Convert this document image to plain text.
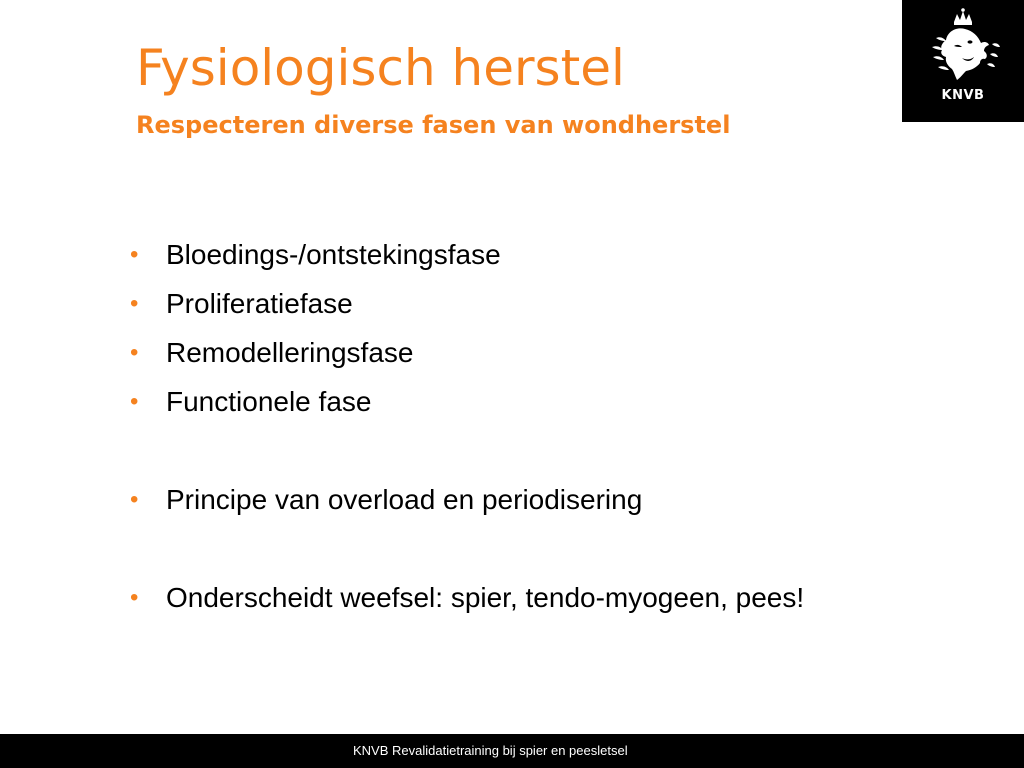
Fysiologisch herstel
Respecteren diverse fasen van wondherstel
KNVB
• Bloedings-/ontstekingsfase
• Proliferatiefase
• Remodelleringsfase
• Functionele fase
• Principe van overload en periodisering
• Onderscheidt weefsel: spier, tendo-myogeen, pees!
KNVB Revalidatietraining bij spier en peesletsel
